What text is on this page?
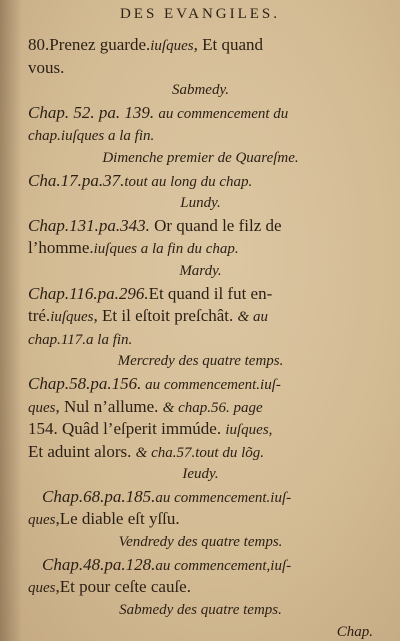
DES EVANGILES.
80.Prenez guarde.iuſques, Et quand
vous.
Sabmedy.
Chap. 52. pa. 139. au commencement du
chap.iuſques a la fin.
Dimenche premier de Quareſme.
Cha.17.pa.37.tout au long du chap.
Lundy.
Chap.131.pa.343. Or quand le filz de
l’homme.iuſques a la fin du chap.
Mardy.
Chap.116.pa.296.Et quand il fut en-
tré.iuſques, Et il eſtoit preſchât. & au
chap.117.a la fin.
Mercredy des quatre temps.
Chap.58.pa.156. au commencement.iuſ-
ques, Nul n’allume. & chap.56. page
154. Quâd l’eſperit immúde. iuſques,
Et aduint alors. & cha.57.tout du lõg.
Ieudy.
Chap.68.pa.185.au commencement.iuſ-
ques,Le diable eſt yſſu.
Vendredy des quatre temps.
Chap.48.pa.128.au commencement,iuſ-
ques,Et pour ceſte cauſe.
Sabmedy des quatre temps.
Chap.
